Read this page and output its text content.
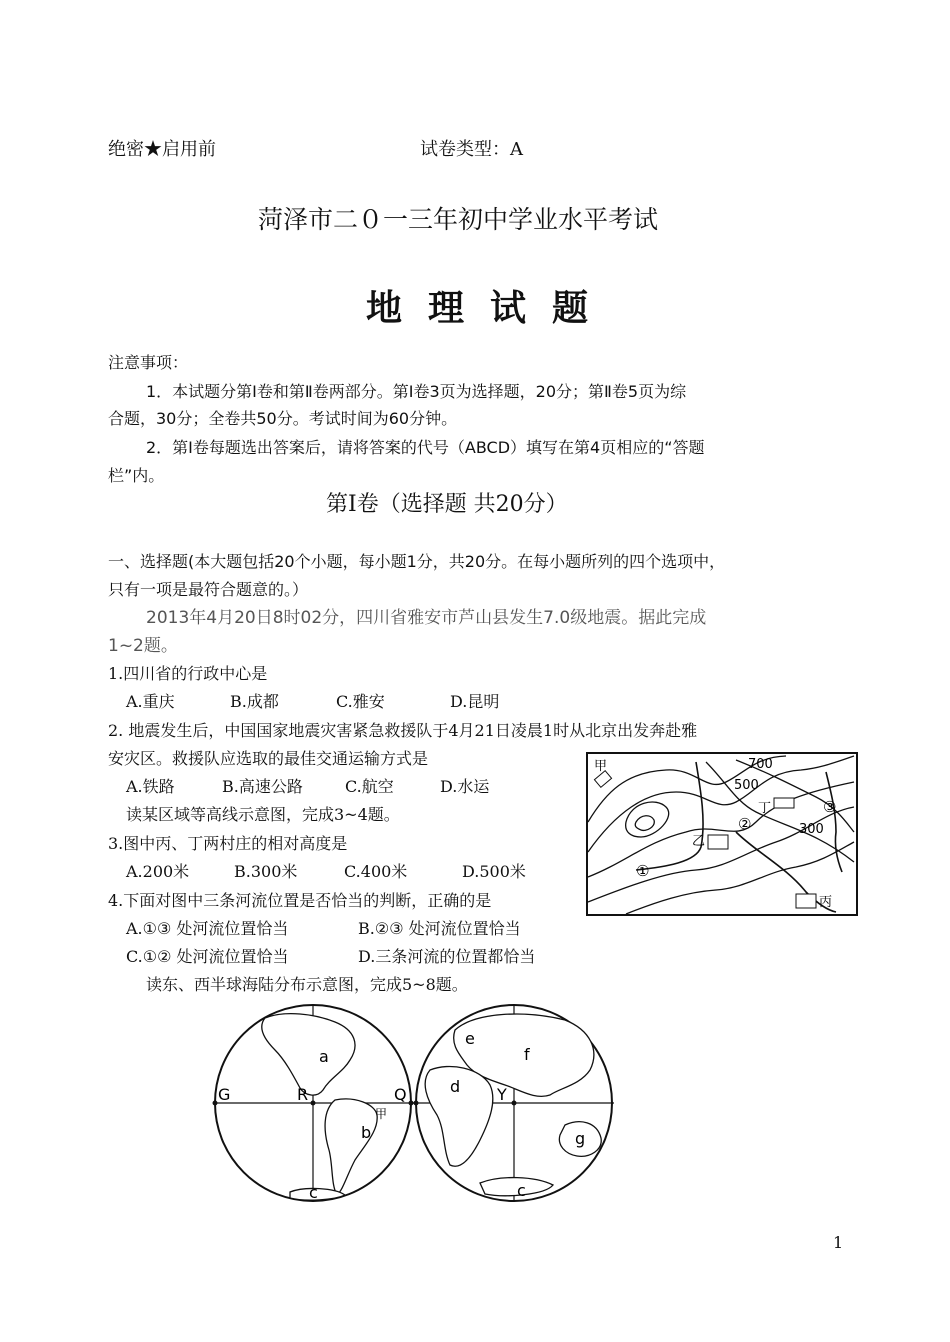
绝密★启用前	试卷类型：A
菏泽市二０一三年初中学业水平考试
地理试题
注意事项：
1．本试题分第Ⅰ卷和第Ⅱ卷两部分。第Ⅰ卷3页为选择题，20分；第Ⅱ卷5页为综
合题，30分；全卷共50分。考试时间为60分钟。
2．第Ⅰ卷每题选出答案后，请将答案的代号（ABCD）填写在第4页相应的“答题
栏”内。
第Ⅰ卷（选择题 共20分）
一、选择题(本大题包括20个小题，每小题1分，共20分。在每小题所列的四个选项中，
只有一项是最符合题意的。）
2013年4月20日8时02分，四川省雅安市芦山县发生7.0级地震。据此完成
1~2题。
1.四川省的行政中心是
A.重庆	B.成都	C.雅安	D.昆明
2. 地震发生后，中国国家地震灾害紧急救援队于4月21日凌晨1时从北京出发奔赴雅
安灾区。救援队应选取的最佳交通运输方式是
A.铁路	B.高速公路	C.航空	D.水运
读某区域等高线示意图，完成3~4题。
3.图中丙、丁两村庄的相对高度是
A.200米	B.300米	C.400米	D.500米
4.下面对图中三条河流位置是否恰当的判断，正确的是
A.①③ 处河流位置恰当	B.②③ 处河流位置恰当
C.①② 处河流位置恰当	D.三条河流的位置都恰当
读东、西半球海陆分布示意图，完成5~8题。
甲	700
500
丁	③
②	300
乙
①
丙
a
b
c
d
e
f
g
G	R	Q	Y
c
甲
1
